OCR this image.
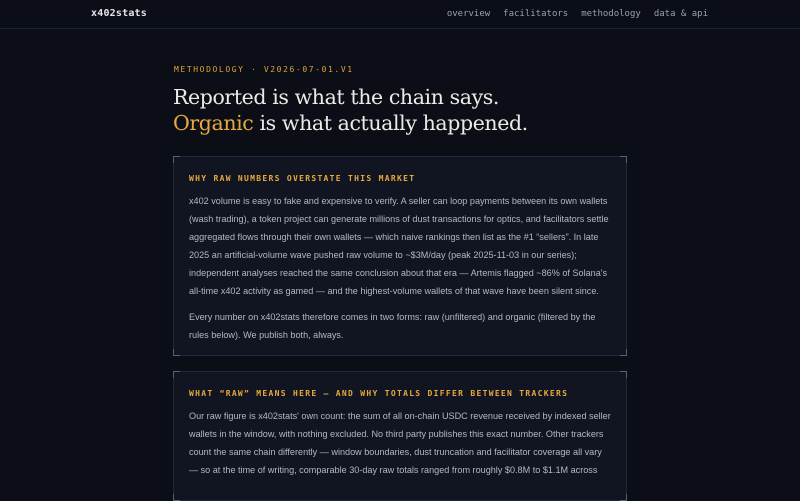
x402stats	overview facilitators methodology data & api
METHODOLOGY · V2026-07-01.V1
Reported is what the chain says.
Organic is what actually happened.
WHY RAW NUMBERS OVERSTATE THIS MARKET

x402 volume is easy to fake and expensive to verify. A seller can loop payments between its own wallets (wash trading), a token project can generate millions of dust transactions for optics, and facilitators settle aggregated flows through their own wallets — which naive rankings then list as the #1 “sellers”. In late 2025 an artificial-volume wave pushed raw volume to ~$3M/day (peak 2025-11-03 in our series); independent analyses reached the same conclusion about that era — Artemis flagged ~86% of Solana's all-time x402 activity as gamed — and the highest-volume wallets of that wave have been silent since.

Every number on x402stats therefore comes in two forms: raw (unfiltered) and organic (filtered by the rules below). We publish both, always.

WHAT “RAW” MEANS HERE — AND WHY TOTALS DIFFER BETWEEN TRACKERS

Our raw figure is x402stats' own count: the sum of all on-chain USDC revenue received by indexed seller wallets in the window, with nothing excluded. No third party publishes this exact number. Other trackers count the same chain differently — window boundaries, dust truncation and facilitator coverage all vary — so at the time of writing, comparable 30-day raw totals ranged from roughly $0.8M to $1.1M across
